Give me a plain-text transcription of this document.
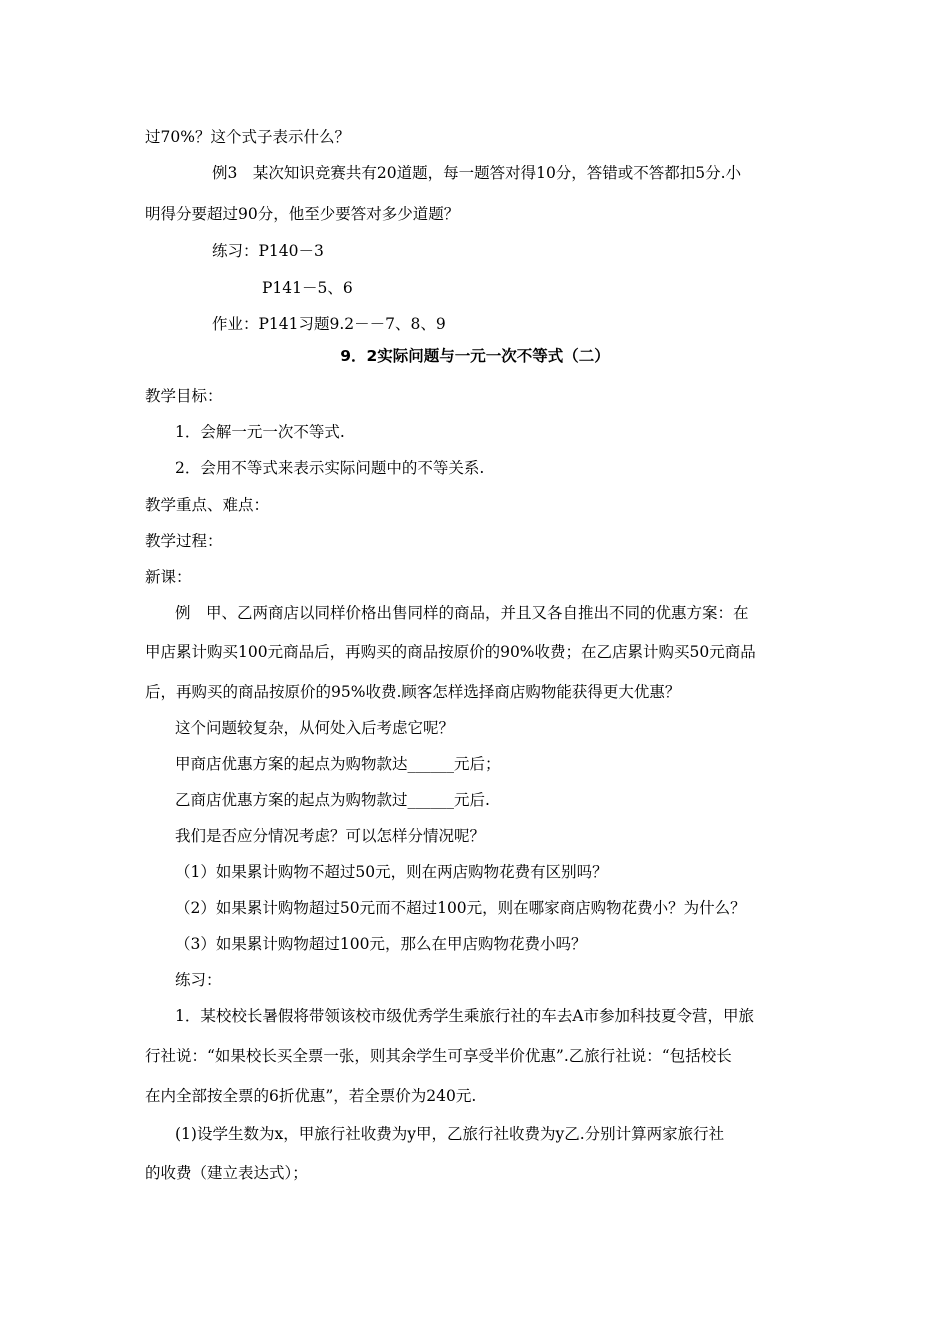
过70%？这个式子表示什么？
例3　某次知识竞赛共有20道题，每一题答对得10分，答错或不答都扣5分.小
明得分要超过90分，他至少要答对多少道题？
练习：P140－3
P141－5、6
作业：P141习题9.2－－7、8、9
9．2实际问题与一元一次不等式（二）
教学目标：
1．会解一元一次不等式.
2．会用不等式来表示实际问题中的不等关系.
教学重点、难点：
教学过程：
新课：
例　甲、乙两商店以同样价格出售同样的商品，并且又各自推出不同的优惠方案：在
甲店累计购买100元商品后，再购买的商品按原价的90%收费；在乙店累计购买50元商品
后，再购买的商品按原价的95%收费.顾客怎样选择商店购物能获得更大优惠？
这个问题较复杂，从何处入后考虑它呢？
甲商店优惠方案的起点为购物款达______元后；
乙商店优惠方案的起点为购物款过______元后.
我们是否应分情况考虑？可以怎样分情况呢？
（1）如果累计购物不超过50元，则在两店购物花费有区别吗？
（2）如果累计购物超过50元而不超过100元，则在哪家商店购物花费小？为什么？
（3）如果累计购物超过100元，那么在甲店购物花费小吗？
练习：
1．某校校长暑假将带领该校市级优秀学生乘旅行社的车去A市参加科技夏令营，甲旅
行社说：“如果校长买全票一张，则其余学生可享受半价优惠”.乙旅行社说：“包括校长
在内全部按全票的6折优惠”，若全票价为240元.
(1)设学生数为x，甲旅行社收费为y甲，乙旅行社收费为y乙.分别计算两家旅行社
的收费（建立表达式）；
